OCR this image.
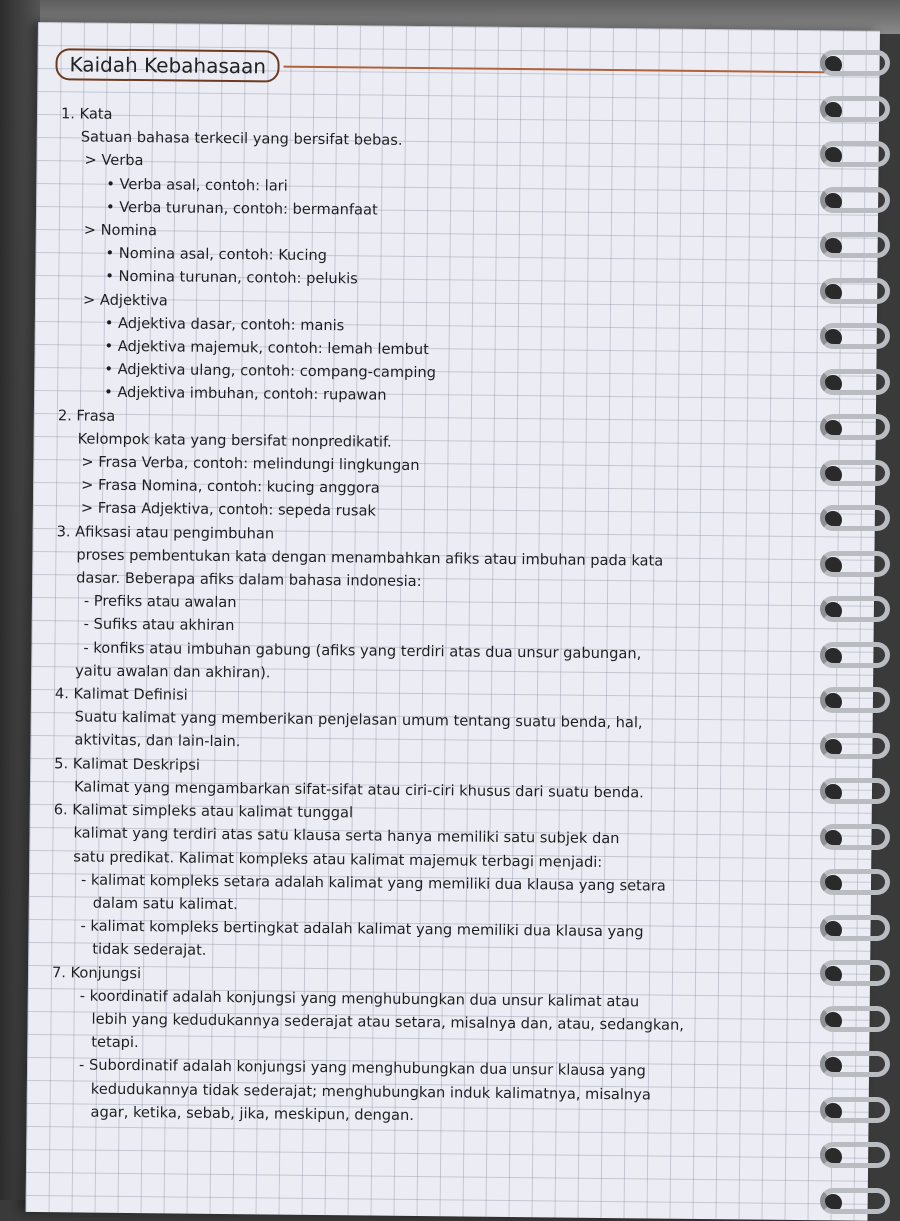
Kaidah Kebahasaan
1. Kata
Satuan bahasa terkecil yang bersifat bebas.
> Verba
• Verba asal, contoh: lari
• Verba turunan, contoh: bermanfaat
> Nomina
• Nomina asal, contoh: Kucing
• Nomina turunan, contoh: pelukis
> Adjektiva
• Adjektiva dasar, contoh: manis
• Adjektiva majemuk, contoh: lemah lembut
• Adjektiva ulang, contoh: compang-camping
• Adjektiva imbuhan, contoh: rupawan
2. Frasa
Kelompok kata yang bersifat nonpredikatif.
> Frasa Verba, contoh: melindungi lingkungan
> Frasa Nomina, contoh: kucing anggora
> Frasa Adjektiva, contoh: sepeda rusak
3. Afiksasi atau pengimbuhan
proses pembentukan kata dengan menambahkan afiks atau imbuhan pada kata
dasar. Beberapa afiks dalam bahasa indonesia:
- Prefiks atau awalan
- Sufiks atau akhiran
- konfiks atau imbuhan gabung (afiks yang terdiri atas dua unsur gabungan,
yaitu awalan dan akhiran).
4. Kalimat Definisi
Suatu kalimat yang memberikan penjelasan umum tentang suatu benda, hal,
aktivitas, dan lain-lain.
5. Kalimat Deskripsi
Kalimat yang mengambarkan sifat-sifat atau ciri-ciri khusus dari suatu benda.
6. Kalimat simpleks atau kalimat tunggal
kalimat yang terdiri atas satu klausa serta hanya memiliki satu subjek dan
satu predikat. Kalimat kompleks atau kalimat majemuk terbagi menjadi:
- kalimat kompleks setara adalah kalimat yang memiliki dua klausa yang setara
dalam satu kalimat.
- kalimat kompleks bertingkat adalah kalimat yang memiliki dua klausa yang
tidak sederajat.
7. Konjungsi
- koordinatif adalah konjungsi yang menghubungkan dua unsur kalimat atau
lebih yang kedudukannya sederajat atau setara, misalnya dan, atau, sedangkan,
tetapi.
- Subordinatif adalah konjungsi yang menghubungkan dua unsur klausa yang
kedudukannya tidak sederajat; menghubungkan induk kalimatnya, misalnya
agar, ketika, sebab, jika, meskipun, dengan.
